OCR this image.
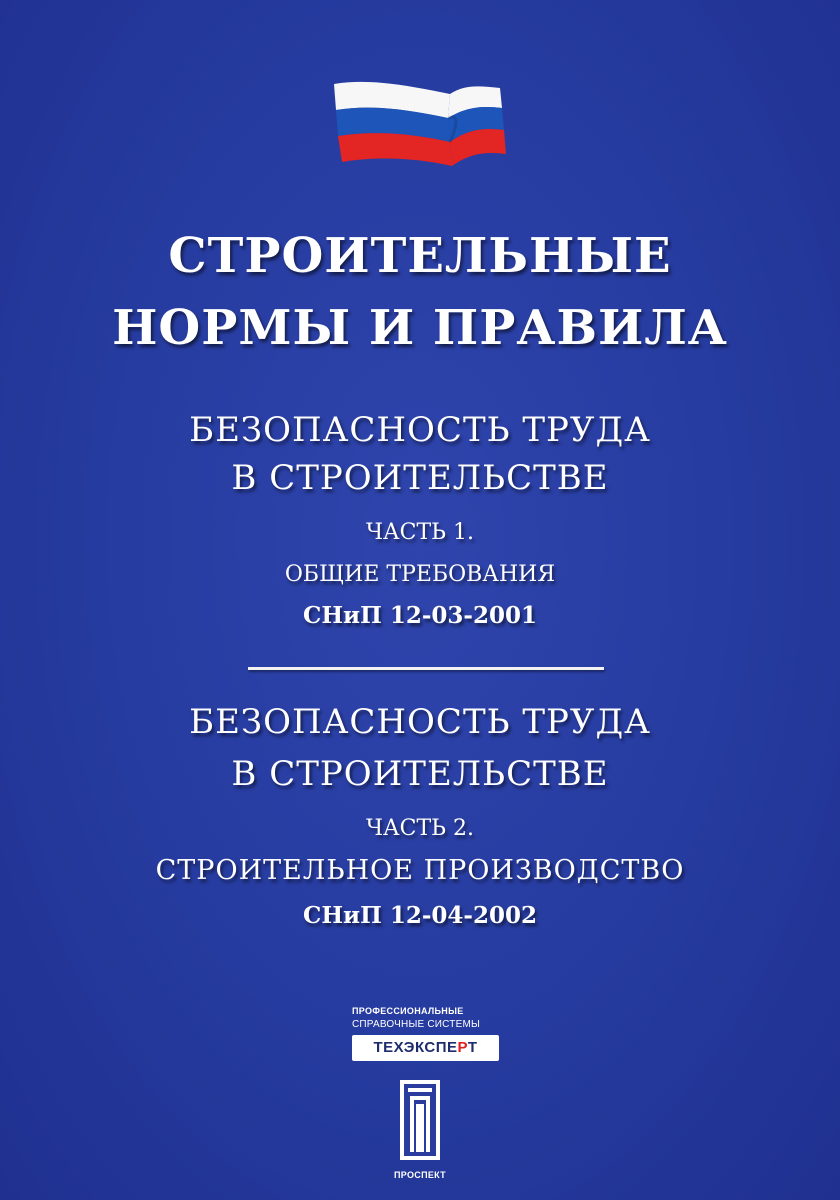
СТРОИТЕЛЬНЫЕ
НОРМЫ И ПРАВИЛА
БЕЗОПАСНОСТЬ ТРУДА
В СТРОИТЕЛЬСТВЕ
ЧАСТЬ 1.
ОБЩИЕ ТРЕБОВАНИЯ
СНиП 12-03-2001
БЕЗОПАСНОСТЬ ТРУДА
В СТРОИТЕЛЬСТВЕ
ЧАСТЬ 2.
СТРОИТЕЛЬНОЕ ПРОИЗВОДСТВО
СНиП 12-04-2002
ПРОФЕССИОНАЛЬНЫЕ
СПРАВОЧНЫЕ СИСТЕМЫ
ТЕХЭКСПЕРТ
ПРОСПЕКТ
